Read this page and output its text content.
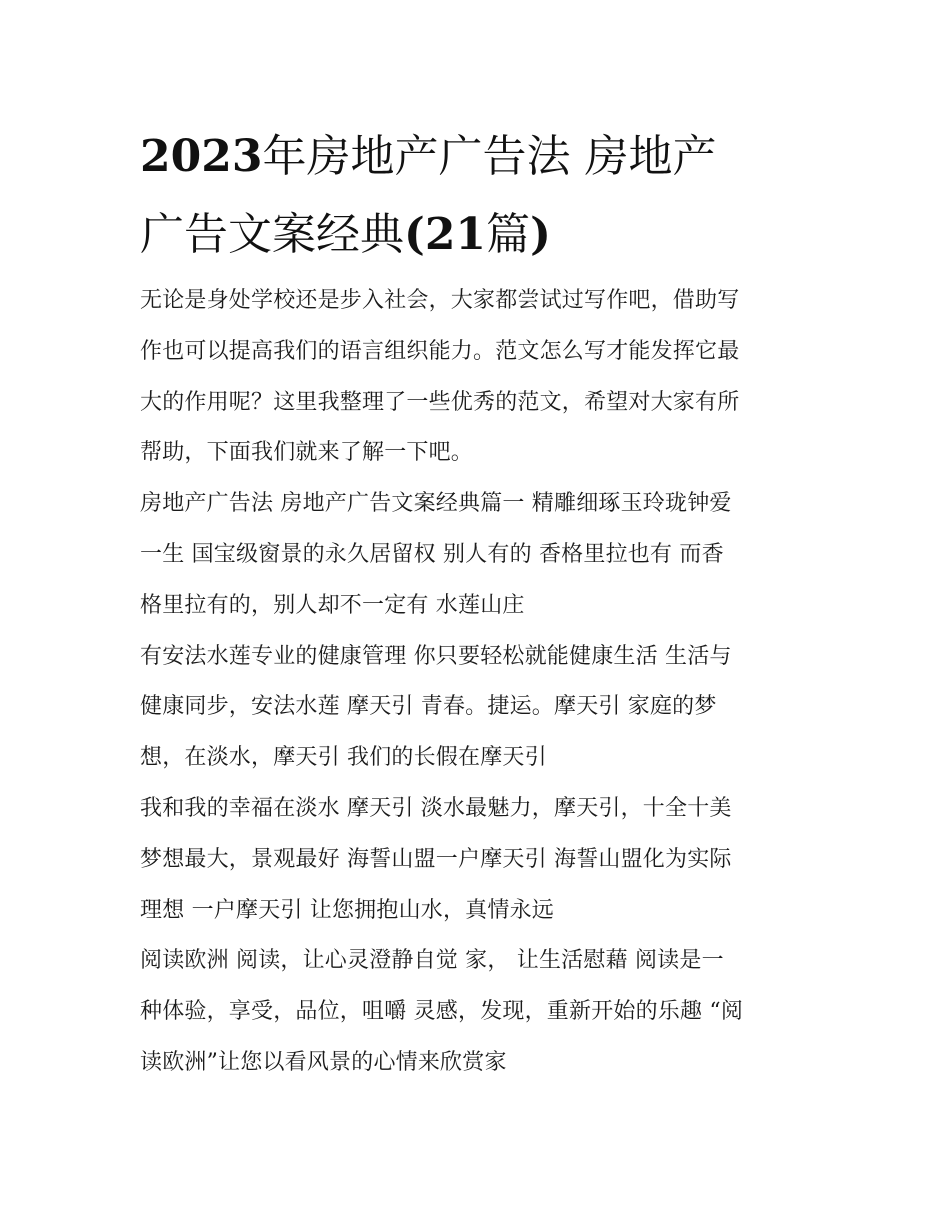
2023年房地产广告法 房地产
广告文案经典(21篇)

无论是身处学校还是步入社会，大家都尝试过写作吧，借助写
作也可以提高我们的语言组织能力。范文怎么写才能发挥它最
大的作用呢？这里我整理了一些优秀的范文，希望对大家有所
帮助，下面我们就来了解一下吧。

房地产广告法 房地产广告文案经典篇一 精雕细琢玉玲珑钟爱
一生 国宝级窗景的永久居留权 别人有的 香格里拉也有 而香
格里拉有的，别人却不一定有 水莲山庄

有安法水莲专业的健康管理 你只要轻松就能健康生活 生活与
健康同步，安法水莲 摩天引 青春。捷运。摩天引 家庭的梦
想，在淡水，摩天引 我们的长假在摩天引

我和我的幸福在淡水 摩天引 淡水最魅力，摩天引，十全十美
梦想最大，景观最好 海誓山盟一户摩天引 海誓山盟化为实际
理想 一户摩天引 让您拥抱山水，真情永远

阅读欧洲 阅读，让心灵澄静自觉 家， 让生活慰藉 阅读是一
种体验，享受，品位，咀嚼 灵感，发现，重新开始的乐趣 “阅
读欧洲”让您以看风景的心情来欣赏家
